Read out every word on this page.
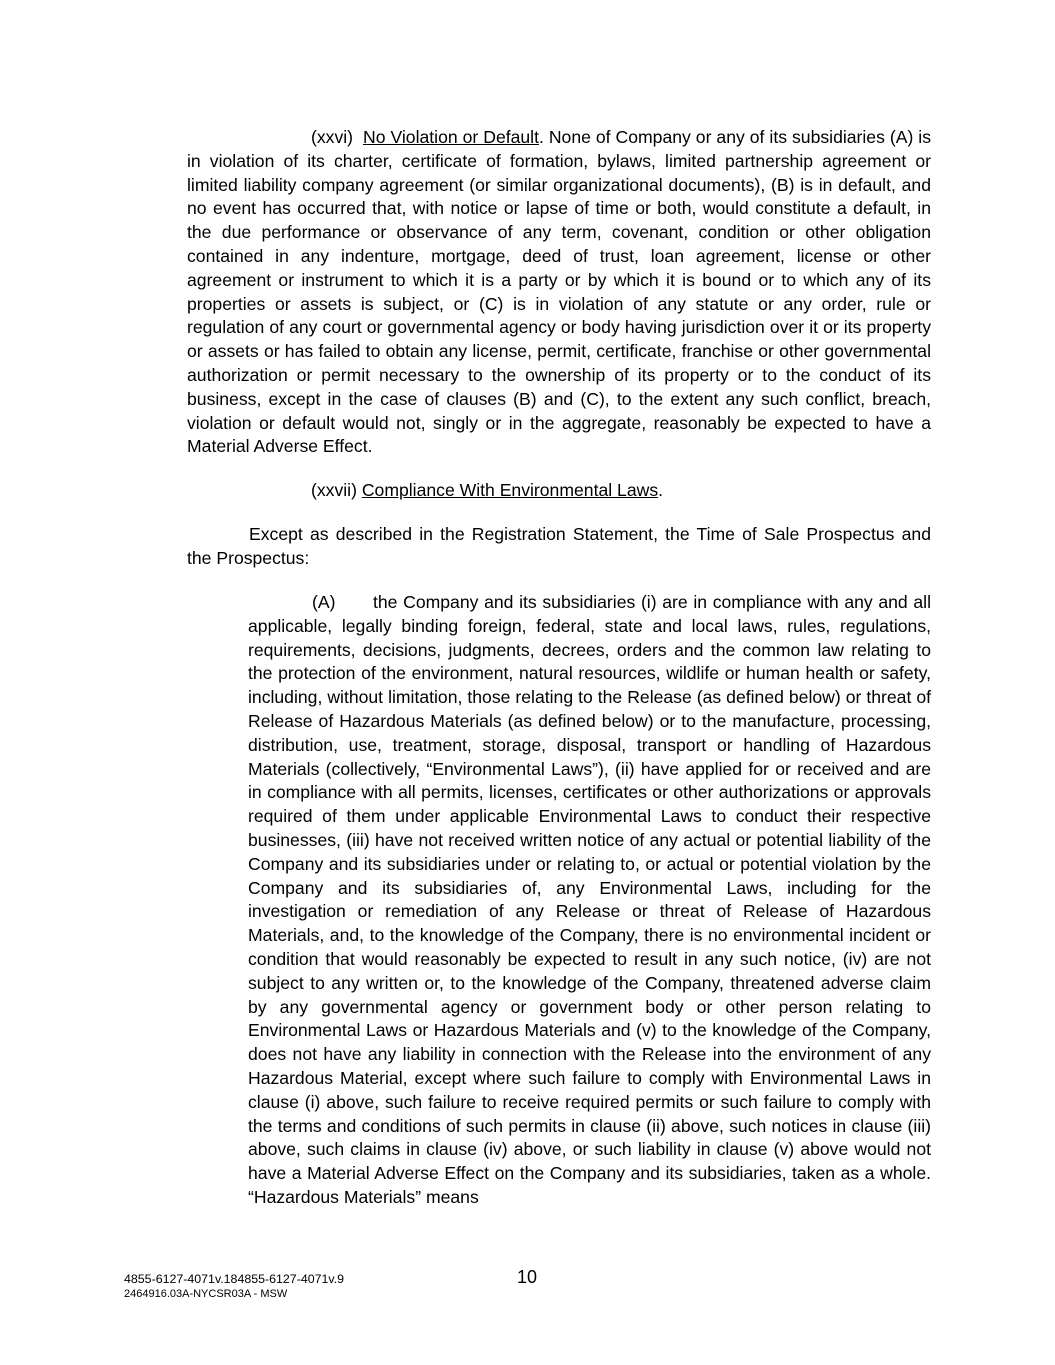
(xxvi) No Violation or Default. None of Company or any of its subsidiaries (A) is in violation of its charter, certificate of formation, bylaws, limited partnership agreement or limited liability company agreement (or similar organizational documents), (B) is in default, and no event has occurred that, with notice or lapse of time or both, would constitute a default, in the due performance or observance of any term, covenant, condition or other obligation contained in any indenture, mortgage, deed of trust, loan agreement, license or other agreement or instrument to which it is a party or by which it is bound or to which any of its properties or assets is subject, or (C) is in violation of any statute or any order, rule or regulation of any court or governmental agency or body having jurisdiction over it or its property or assets or has failed to obtain any license, permit, certificate, franchise or other governmental authorization or permit necessary to the ownership of its property or to the conduct of its business, except in the case of clauses (B) and (C), to the extent any such conflict, breach, violation or default would not, singly or in the aggregate, reasonably be expected to have a Material Adverse Effect.

(xxvii) Compliance With Environmental Laws.

Except as described in the Registration Statement, the Time of Sale Prospectus and the Prospectus:

(A) the Company and its subsidiaries (i) are in compliance with any and all applicable, legally binding foreign, federal, state and local laws, rules, regulations, requirements, decisions, judgments, decrees, orders and the common law relating to the protection of the environment, natural resources, wildlife or human health or safety, including, without limitation, those relating to the Release (as defined below) or threat of Release of Hazardous Materials (as defined below) or to the manufacture, processing, distribution, use, treatment, storage, disposal, transport or handling of Hazardous Materials (collectively, “Environmental Laws”), (ii) have applied for or received and are in compliance with all permits, licenses, certificates or other authorizations or approvals required of them under applicable Environmental Laws to conduct their respective businesses, (iii) have not received written notice of any actual or potential liability of the Company and its subsidiaries under or relating to, or actual or potential violation by the Company and its subsidiaries of, any Environmental Laws, including for the investigation or remediation of any Release or threat of Release of Hazardous Materials, and, to the knowledge of the Company, there is no environmental incident or condition that would reasonably be expected to result in any such notice, (iv) are not subject to any written or, to the knowledge of the Company, threatened adverse claim by any governmental agency or government body or other person relating to Environmental Laws or Hazardous Materials and (v) to the knowledge of the Company, does not have any liability in connection with the Release into the environment of any Hazardous Material, except where such failure to comply with Environmental Laws in clause (i) above, such failure to receive required permits or such failure to comply with the terms and conditions of such permits in clause (ii) above, such notices in clause (iii) above, such claims in clause (iv) above, or such liability in clause (v) above would not have a Material Adverse Effect on the Company and its subsidiaries, taken as a whole. “Hazardous Materials” means

4855-6127-4071v.184855-6127-4071v.9
2464916.03A-NYCSR03A - MSW
10
